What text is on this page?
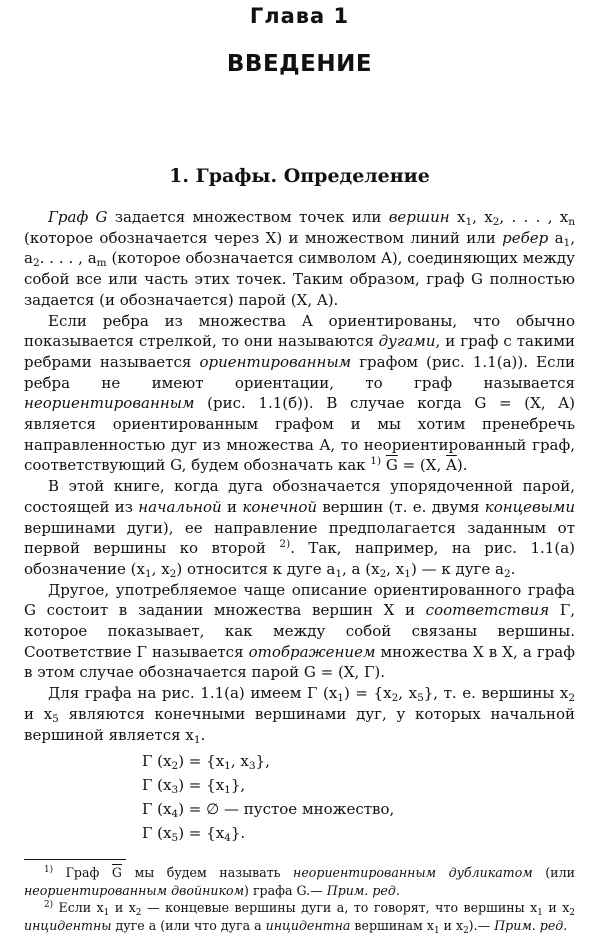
Глава 1
ВВЕДЕНИЕ
1. Графы. Определение

Граф G задается множеством точек или вершин $x_1$, $x_2$, . . . , $x_n$ (которое обозначается через X) и множеством линий или ребер $a_1$, $a_2$. . . . , $a_m$ (которое обозначается символом A), соединяющих между собой все или часть этих точек. Таким образом, граф G полностью задается (и обозначается) парой (X, A).

Если ребра из множества A ориентированы, что обычно показывается стрелкой, то они называются дугами, и граф с такими ребрами называется ориентированным графом (рис. 1.1(а)). Если ребра не имеют ориентации, то граф называется неориентированным (рис. 1.1(б)). В случае когда G = (X, A) является ориентированным графом и мы хотим пренебречь направленностью дуг из множества A, то неориентированный граф, соответствующий G, будем обозначать как $^{1)}$ $\overline{G} = (X$, $\overline{A}$).

В этой книге, когда дуга обозначается упорядоченной парой, состоящей из начальной и конечной вершин (т. е. двумя концевыми вершинами дуги), ее направление предполагается заданным от первой вершины ко второй $^{2)}$. Так, например, на рис. 1.1(а) обозначение ($x_1$, $x_2$) относится к дуге $a_1$, а ($x_2$, $x_1$) — к дуге $a_2$.

Другое, употребляемое чаще описание ориентированного графа G состоит в задании множества вершин X и соответствия Γ, которое показывает, как между собой связаны вершины. Соответствие Γ называется отображением множества X в X, а граф в этом случае обозначается парой G = (X, Γ).

Для графа на рис. 1.1(а) имеем Γ $(x_1) = \{x_2$, $x_5$}, т. е. вершины $x_2$ и $x_5$ являются конечными вершинами дуг, у которых начальной вершиной является $x_1$.

Γ $(x_2) = \{x_1$, $x_3$},
Γ $(x_3) = \{x_1\}$,
Γ $(x_4)$ = ∅ — пустое множество,
Γ $(x_5) = \{x_4\}$.

$^{1)}$ Граф $\overline{G}$ мы будем называть неориентированным дубликатом (или неориентированным двойником) графа G.— Прим. ред.

$^{2)}$ Если $x_1$ и $x_2$ — концевые вершины дуги a, то говорят, что вершины $x_1$ и $x_2$ инцидентны дуге a (или что дуга a инцидентна вершинам $x_1$ и $x_2).—$ Прим. ред.
